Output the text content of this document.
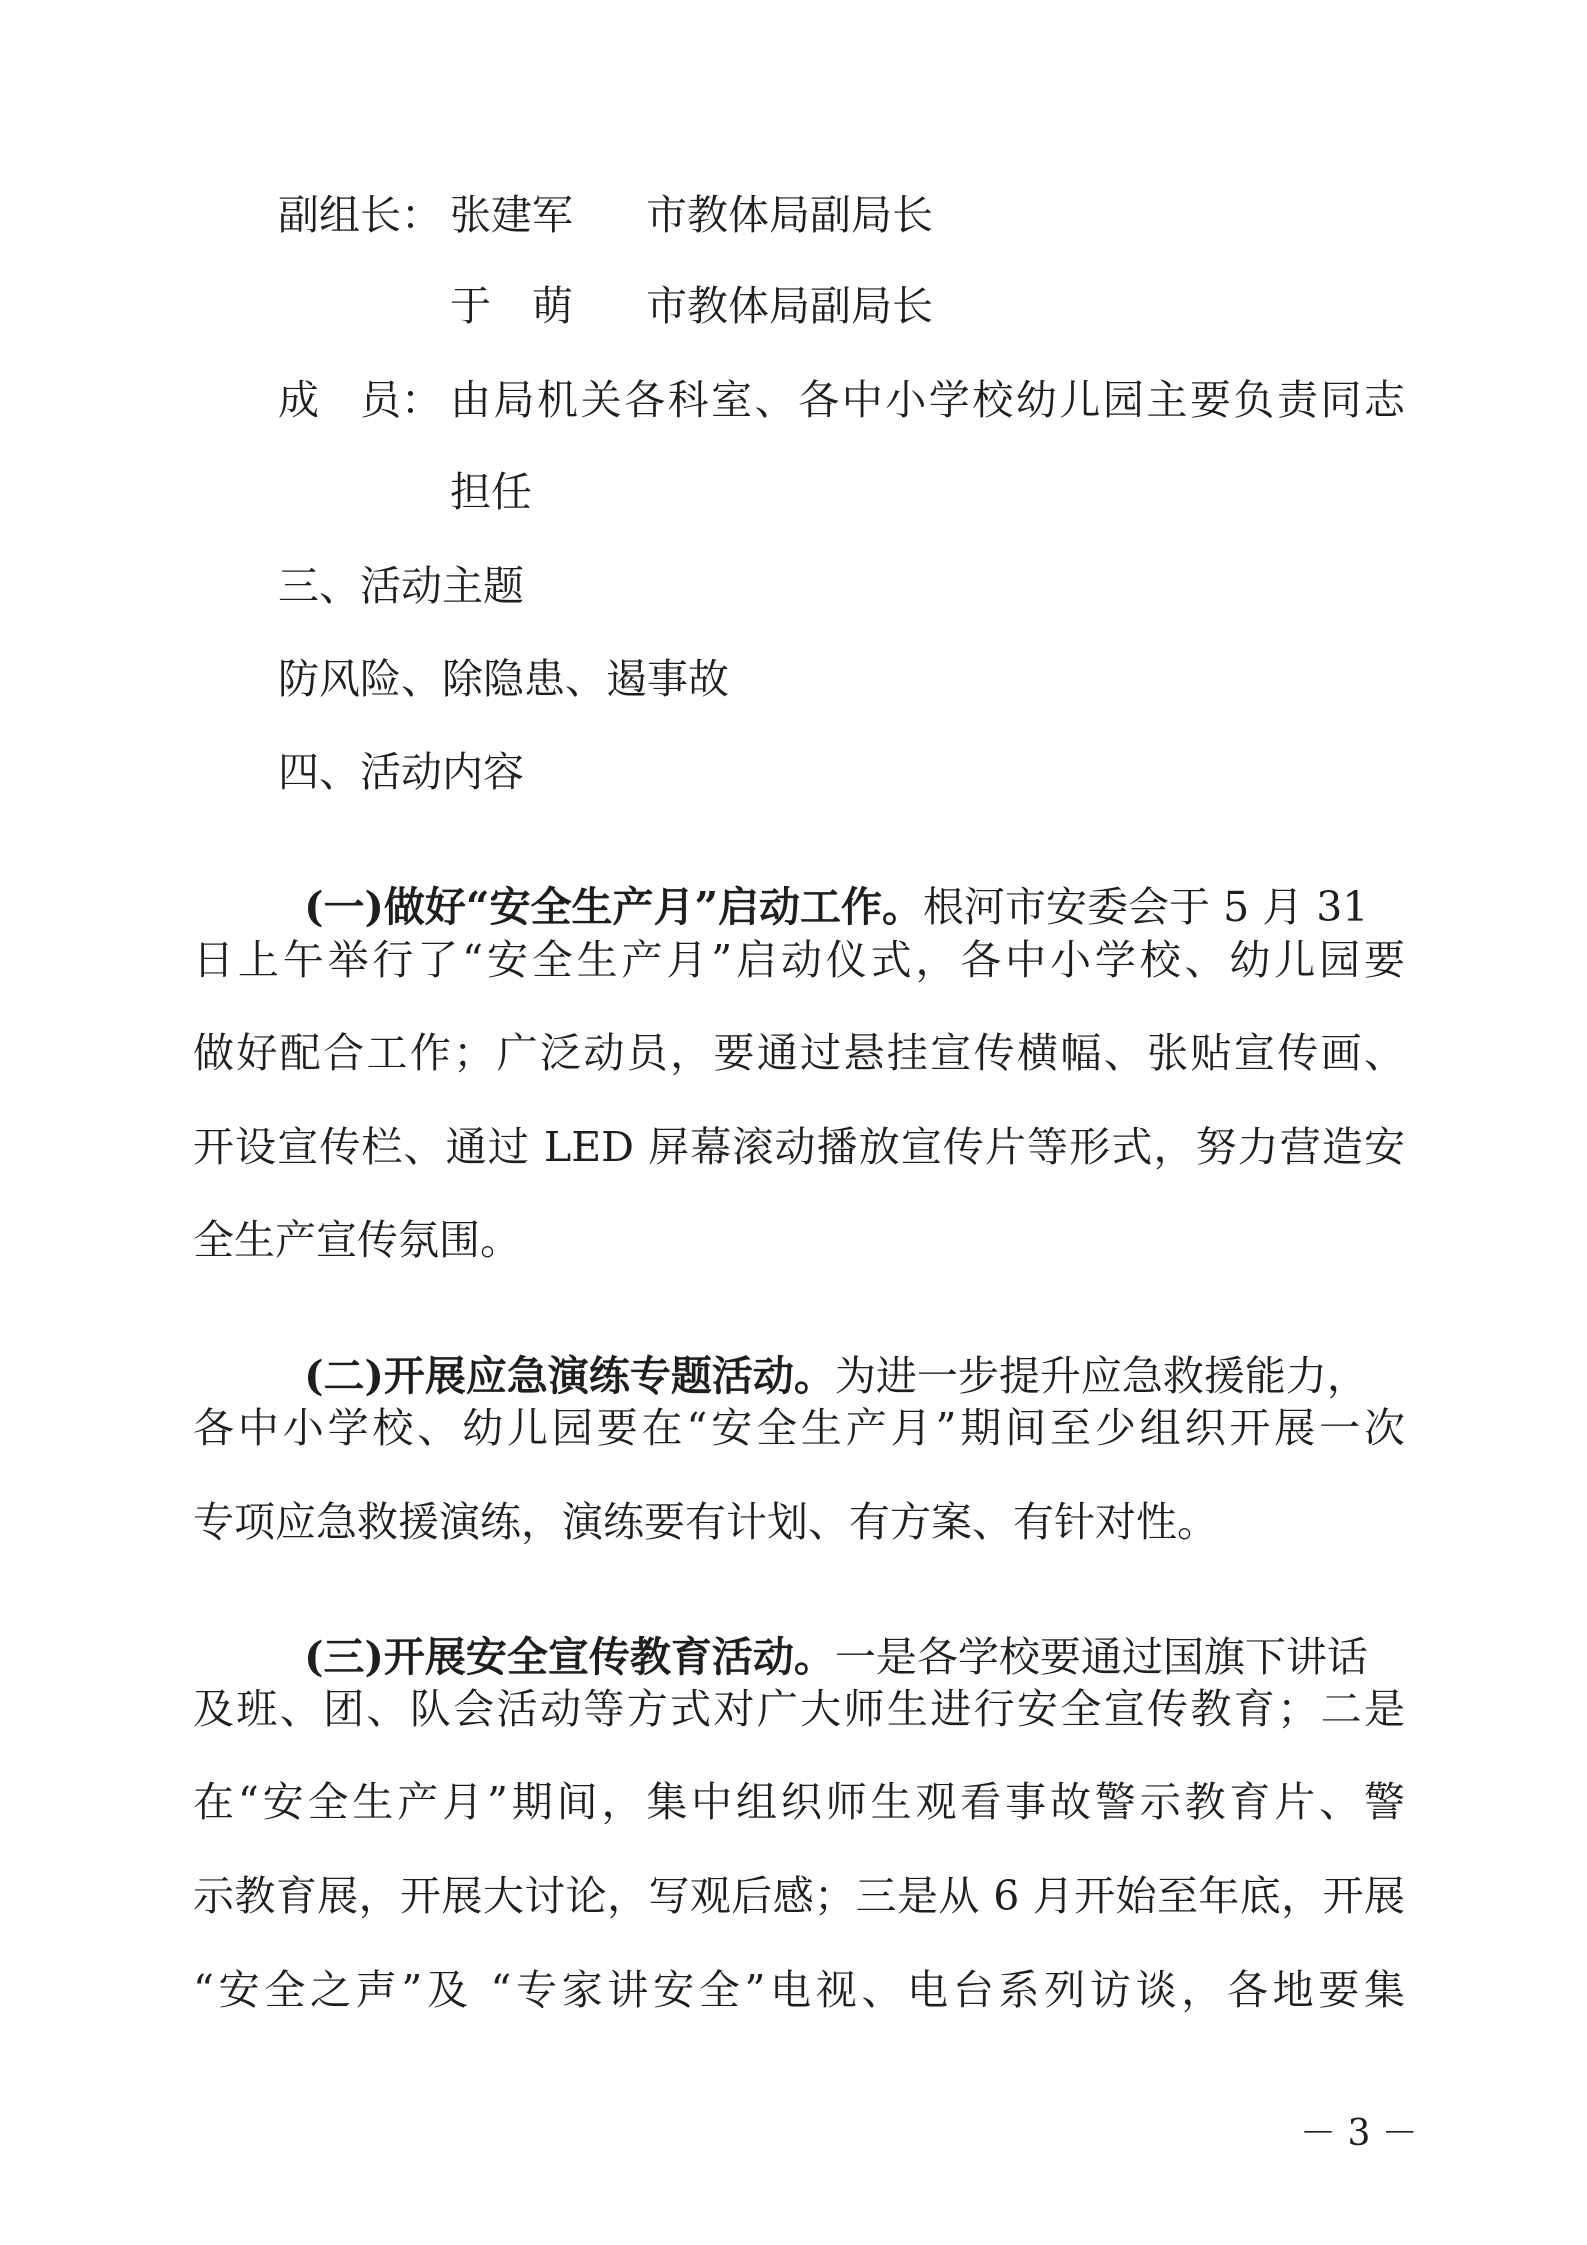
副组长： 张建军 市教体局副局长
于　萌 市教体局副局长
成　员： 由局机关各科室、各中小学校幼儿园主要负责同志
担任
三、活动主题
防风险、除隐患、遏事故
四、活动内容

(一)做好“安全生产月”启动工作。根河市安委会于 5 月 31

日上午举行了“安全生产月”启动仪式，各中小学校、幼儿园要
做好配合工作；广泛动员，要通过悬挂宣传横幅、张贴宣传画、
开设宣传栏、通过 LED 屏幕滚动播放宣传片等形式，努力营造安
全生产宣传氛围。

(二)开展应急演练专题活动。为进一步提升应急救援能力，

各中小学校、幼儿园要在“安全生产月”期间至少组织开展一次
专项应急救援演练，演练要有计划、有方案、有针对性。

(三)开展安全宣传教育活动。一是各学校要通过国旗下讲话

及班、团、队会活动等方式对广大师生进行安全宣传教育；二是
在“安全生产月”期间，集中组织师生观看事故警示教育片、警
示教育展，开展大讨论，写观后感；三是从 6 月开始至年底，开展
“安全之声”及 “专家讲安全”电视、电台系列访谈，各地要集
－ 3 －
